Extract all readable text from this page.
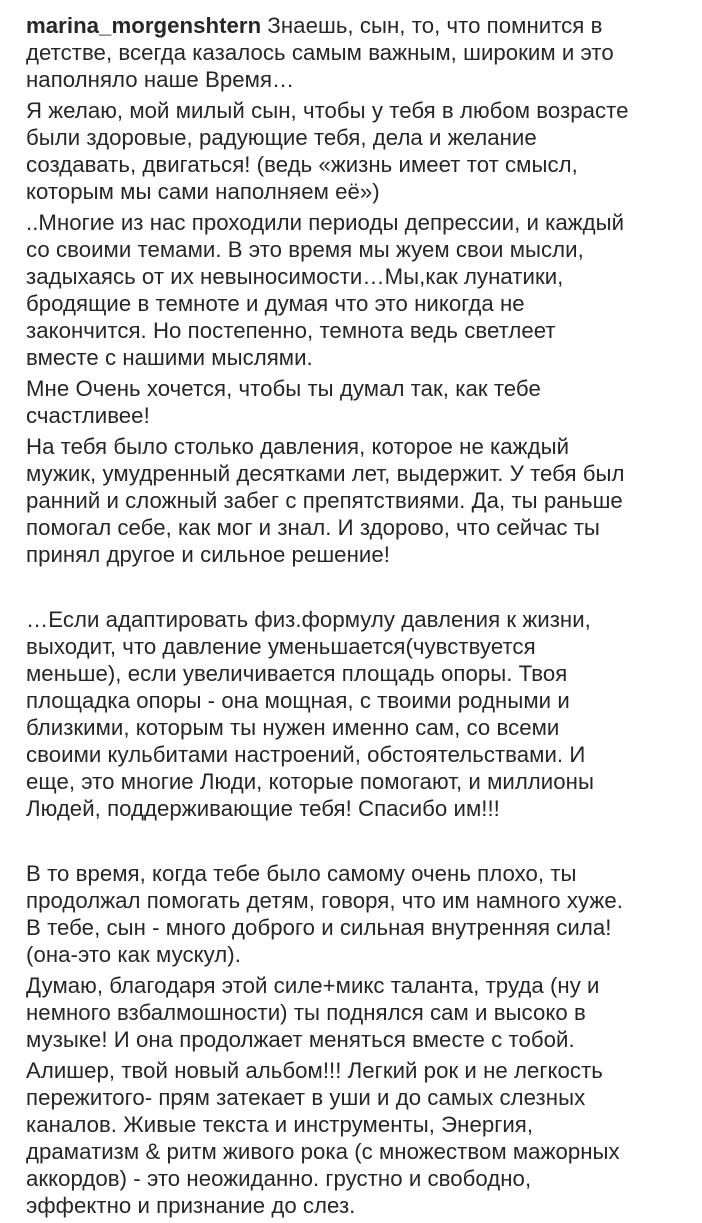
marina_morgenshtern Знаешь, сын, то, что помнится в
детстве, всегда казалось самым важным, широким и это
наполняло наше Время…
Я желаю, мой милый сын, чтобы у тебя в любом возрасте
были здоровые, радующие тебя, дела и желание
создавать, двигаться! (ведь «жизнь имеет тот смысл,
которым мы сами наполняем её»)
..Многие из нас проходили периоды депрессии, и каждый
со своими темами. В это время мы жуем свои мысли,
задыхаясь от их невыносимости…Мы,как лунатики,
бродящие в темноте и думая что это никогда не
закончится. Но постепенно, темнота ведь светлеет
вместе с нашими мыслями.
Мне Очень хочется, чтобы ты думал так, как тебе
счастливее!
На тебя было столько давления, которое не каждый
мужик, умудренный десятками лет, выдержит. У тебя был
ранний и сложный забег с препятствиями. Да, ты раньше
помогал себе, как мог и знал. И здорово, что сейчас ты
принял другое и сильное решение!
…Если адаптировать физ.формулу давления к жизни,
выходит, что давление уменьшается(чувствуется
меньше), если увеличивается площадь опоры. Твоя
площадка опоры - она мощная, с твоими родными и
близкими, которым ты нужен именно сам, со всеми
своими кульбитами настроений, обстоятельствами. И
еще, это многие Люди, которые помогают, и миллионы
Людей, поддерживающие тебя! Спасибо им!!!
В то время, когда тебе было самому очень плохо, ты
продолжал помогать детям, говоря, что им намного хуже.
В тебе, сын - много доброго и сильная внутренняя сила!
(она-это как мускул).
Думаю, благодаря этой силе+микс таланта, труда (ну и
немного взбалмошности) ты поднялся сам и высоко в
музыке! И она продолжает меняться вместе с тобой.
Алишер, твой новый альбом!!! Легкий рок и не легкость
пережитого- прям затекает в уши и до самых слезных
каналов. Живые текста и инструменты, Энергия,
драматизм & ритм живого рока (с множеством мажорных
аккордов) - это неожиданно. грустно и свободно,
эффектно и признание до слез.
